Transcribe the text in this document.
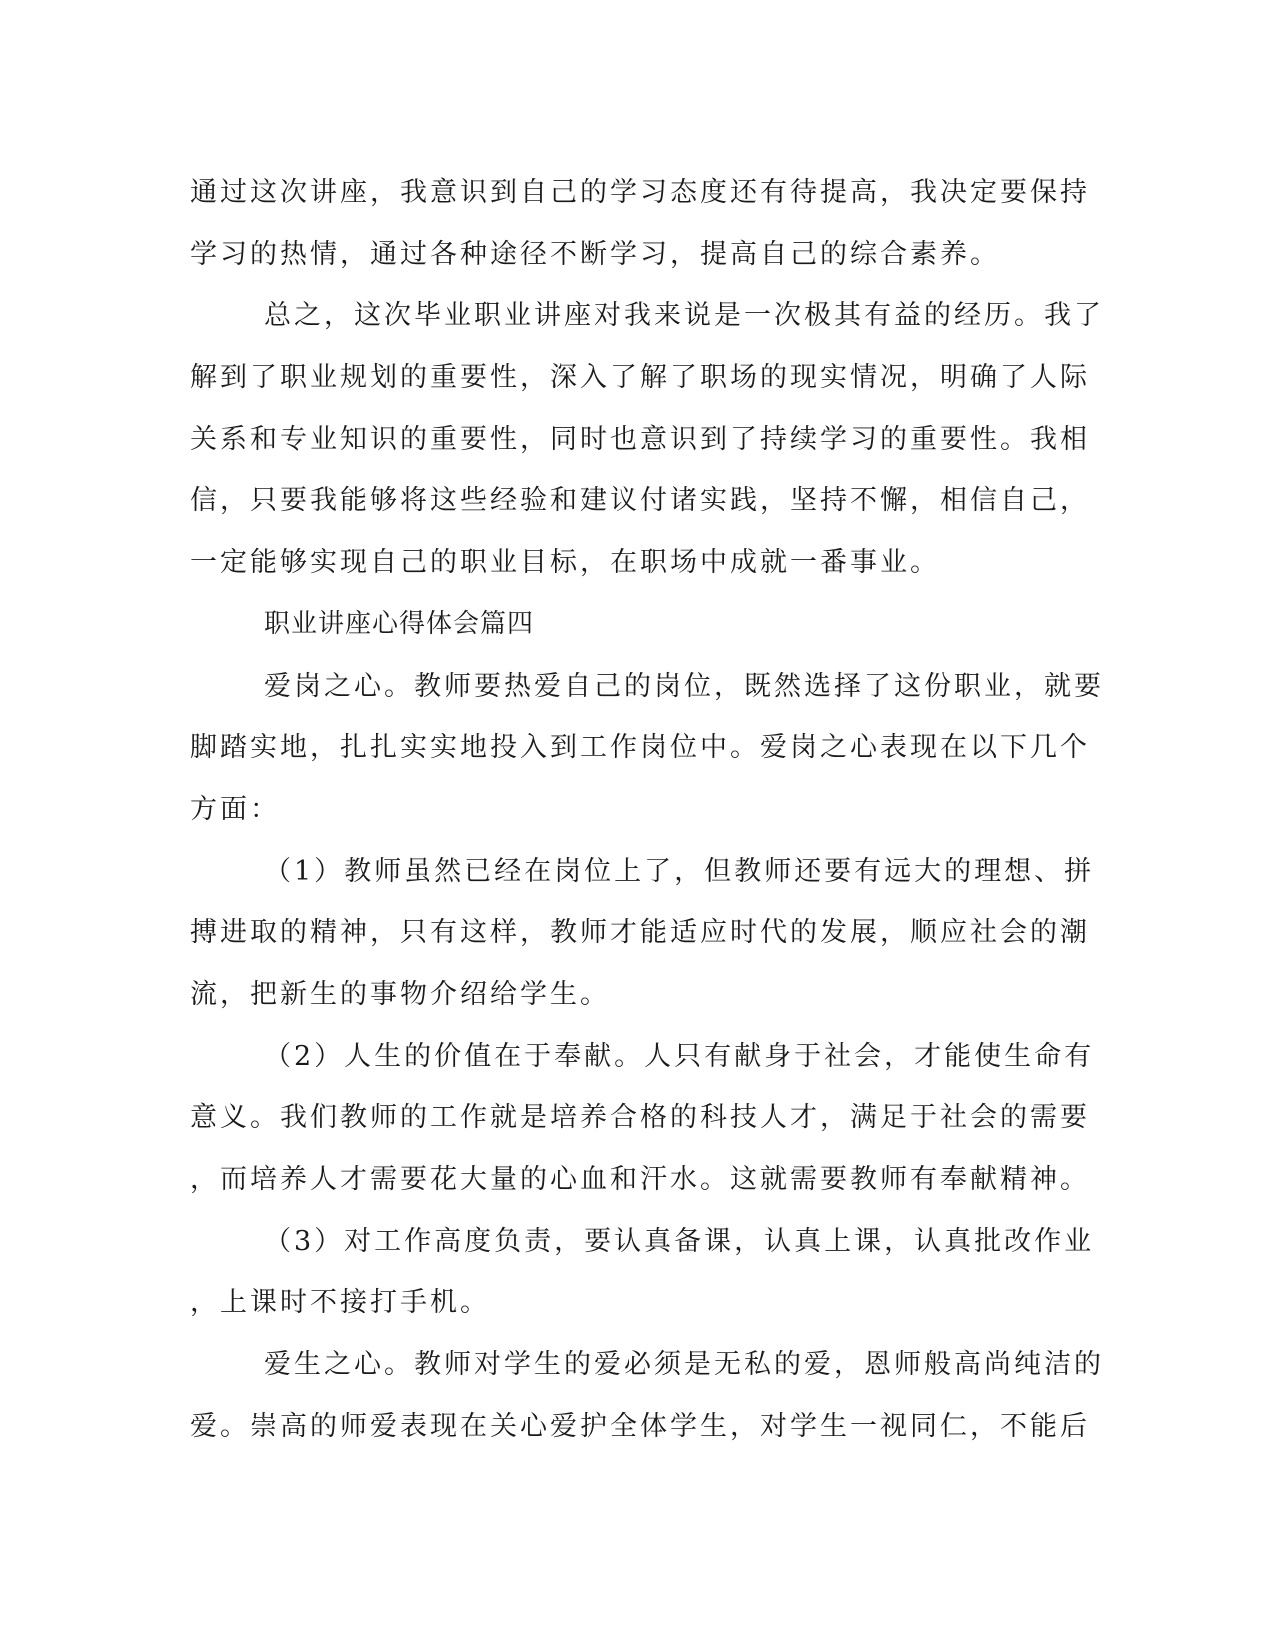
通过这次讲座，我意识到自己的学习态度还有待提高，我决定要保持
学习的热情，通过各种途径不断学习，提高自己的综合素养。
总之，这次毕业职业讲座对我来说是一次极其有益的经历。我了
解到了职业规划的重要性，深入了解了职场的现实情况，明确了人际
关系和专业知识的重要性，同时也意识到了持续学习的重要性。我相
信，只要我能够将这些经验和建议付诸实践，坚持不懈，相信自己，
一定能够实现自己的职业目标，在职场中成就一番事业。
职业讲座心得体会篇四
爱岗之心。教师要热爱自己的岗位，既然选择了这份职业，就要
脚踏实地，扎扎实实地投入到工作岗位中。爱岗之心表现在以下几个
方面：
（1）教师虽然已经在岗位上了，但教师还要有远大的理想、拼
搏进取的精神，只有这样，教师才能适应时代的发展，顺应社会的潮
流，把新生的事物介绍给学生。
（2）人生的价值在于奉献。人只有献身于社会，才能使生命有
意义。我们教师的工作就是培养合格的科技人才，满足于社会的需要
，而培养人才需要花大量的心血和汗水。这就需要教师有奉献精神。
（3）对工作高度负责，要认真备课，认真上课，认真批改作业
，上课时不接打手机。
爱生之心。教师对学生的爱必须是无私的爱，恩师般高尚纯洁的
爱。崇高的师爱表现在关心爱护全体学生，对学生一视同仁，不能后
